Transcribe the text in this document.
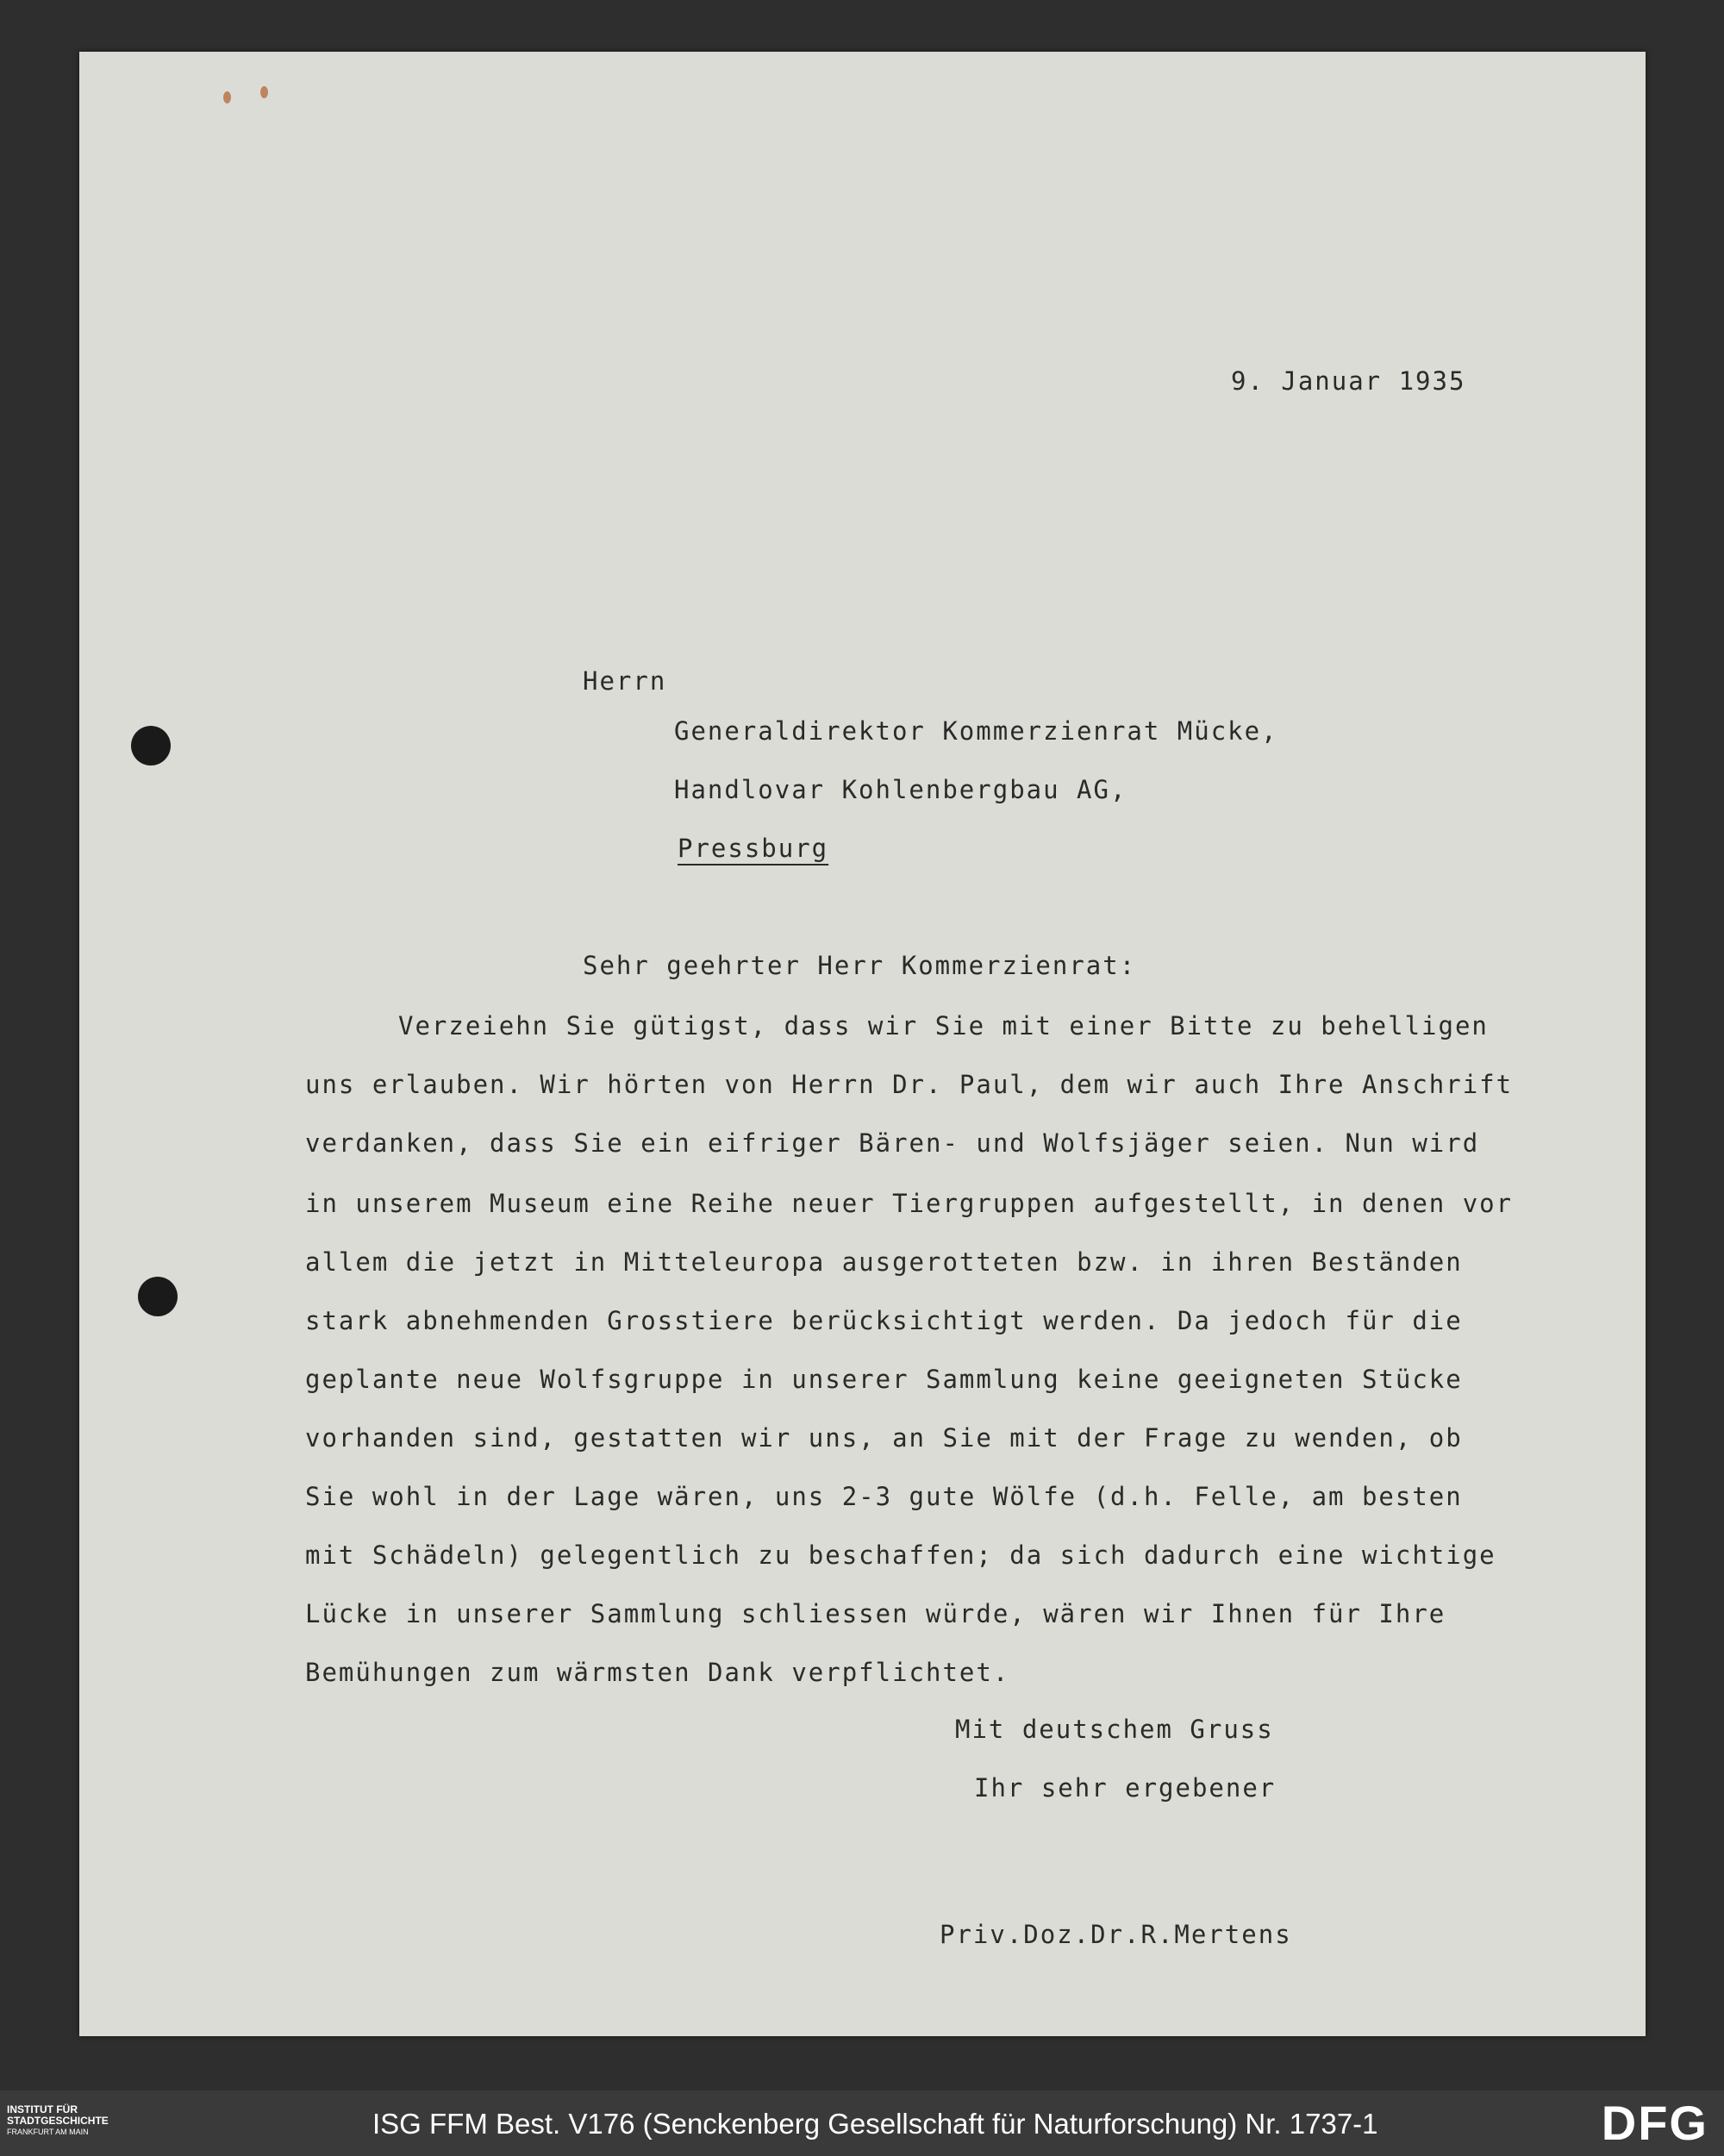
9. Januar 1935
Herrn
Generaldirektor Kommerzienrat Mücke,
Handlovar Kohlenbergbau AG,
Pressburg
Sehr geehrter Herr Kommerzienrat:
Verzeiehn Sie gütigst, dass wir Sie mit einer Bitte zu behelligen
uns erlauben. Wir hörten von Herrn Dr. Paul, dem wir auch Ihre Anschrift
verdanken, dass Sie ein eifriger Bären- und Wolfsjäger seien. Nun wird
in unserem Museum eine Reihe neuer Tiergruppen aufgestellt, in denen vor
allem die jetzt in Mitteleuropa ausgerotteten bzw. in ihren Beständen
stark abnehmenden Grosstiere berücksichtigt werden. Da jedoch für die
geplante neue Wolfsgruppe in unserer Sammlung keine geeigneten Stücke
vorhanden sind, gestatten wir uns, an Sie mit der Frage zu wenden, ob
Sie wohl in der Lage wären, uns 2-3 gute Wölfe (d.h. Felle, am besten
mit Schädeln) gelegentlich zu beschaffen; da sich dadurch eine wichtige
Lücke in unserer Sammlung schliessen würde, wären wir Ihnen für Ihre
Bemühungen zum wärmsten Dank verpflichtet.
Mit deutschem Gruss
Ihr sehr ergebener
Priv.Doz.Dr.R.Mertens
INSTITUT FÜR
STADTGESCHICHTE
FRANKFURT AM MAIN	ISG FFM Best. V176 (Senckenberg Gesellschaft für Naturforschung) Nr. 1737-1	DFG
